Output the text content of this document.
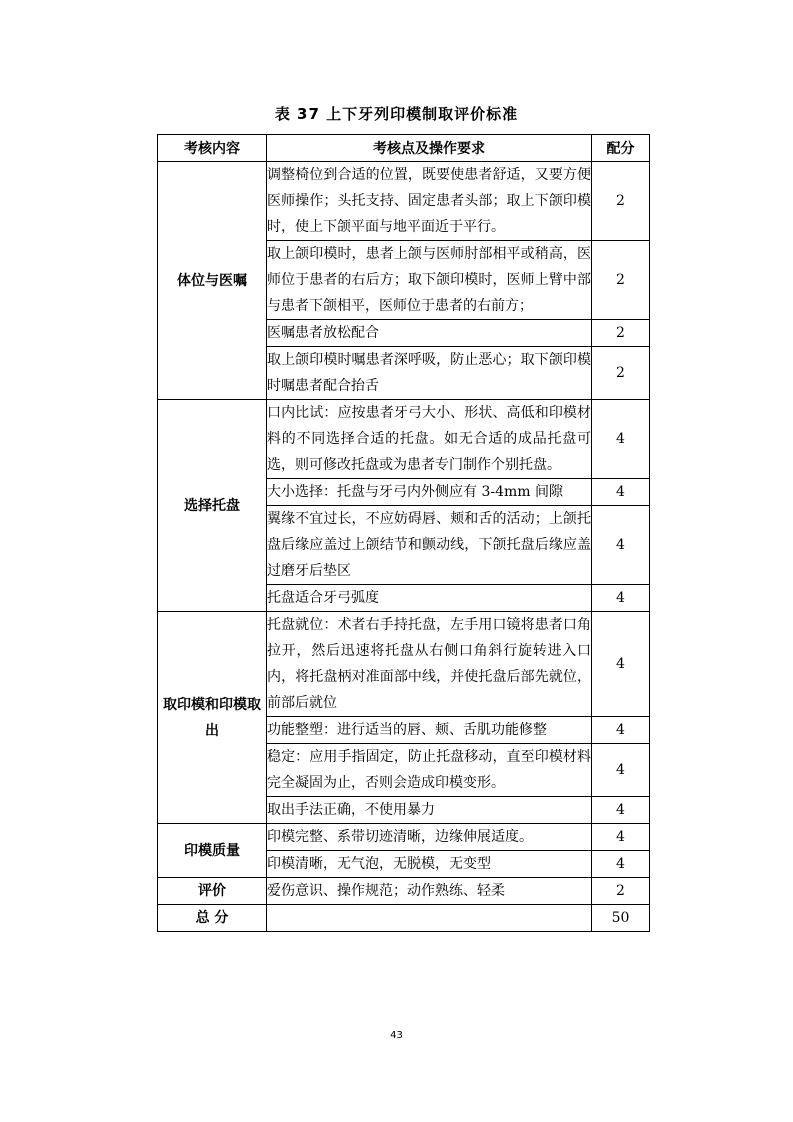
表 37 上下牙列印模制取评价标准
考核内容	考核点及操作要求	配分
体位与医嘱	调整椅位到合适的位置，既要使患者舒适，又要方便医师操作；头托支持、固定患者头部；取上下颌印模时，使上下颌平面与地平面近于平行。	2
	取上颌印模时，患者上颌与医师肘部相平或稍高，医师位于患者的右后方；取下颌印模时，医师上臂中部与患者下颌相平，医师位于患者的右前方；	2
	医嘱患者放松配合	2
	取上颌印模时嘱患者深呼吸，防止恶心；取下颌印模时嘱患者配合抬舌	2
选择托盘	口内比试：应按患者牙弓大小、形状、高低和印模材料的不同选择合适的托盘。如无合适的成品托盘可选，则可修改托盘或为患者专门制作个别托盘。	4
	大小选择：托盘与牙弓内外侧应有 3-4mm 间隙	4
	翼缘不宜过长，不应妨碍唇、颊和舌的活动；上颌托盘后缘应盖过上颌结节和颤动线，下颌托盘后缘应盖过磨牙后垫区	4
	托盘适合牙弓弧度	4
取印模和印模取出	托盘就位：术者右手持托盘，左手用口镜将患者口角拉开，然后迅速将托盘从右侧口角斜行旋转进入口内，将托盘柄对准面部中线，并使托盘后部先就位，前部后就位	4
	功能整塑：进行适当的唇、颊、舌肌功能修整	4
	稳定：应用手指固定，防止托盘移动，直至印模材料完全凝固为止，否则会造成印模变形。	4
	取出手法正确，不使用暴力	4
印模质量	印模完整、系带切迹清晰，边缘伸展适度。	4
	印模清晰，无气泡，无脱模，无变型	4
评价	爱伤意识、操作规范；动作熟练、轻柔	2
总 分		50
43
